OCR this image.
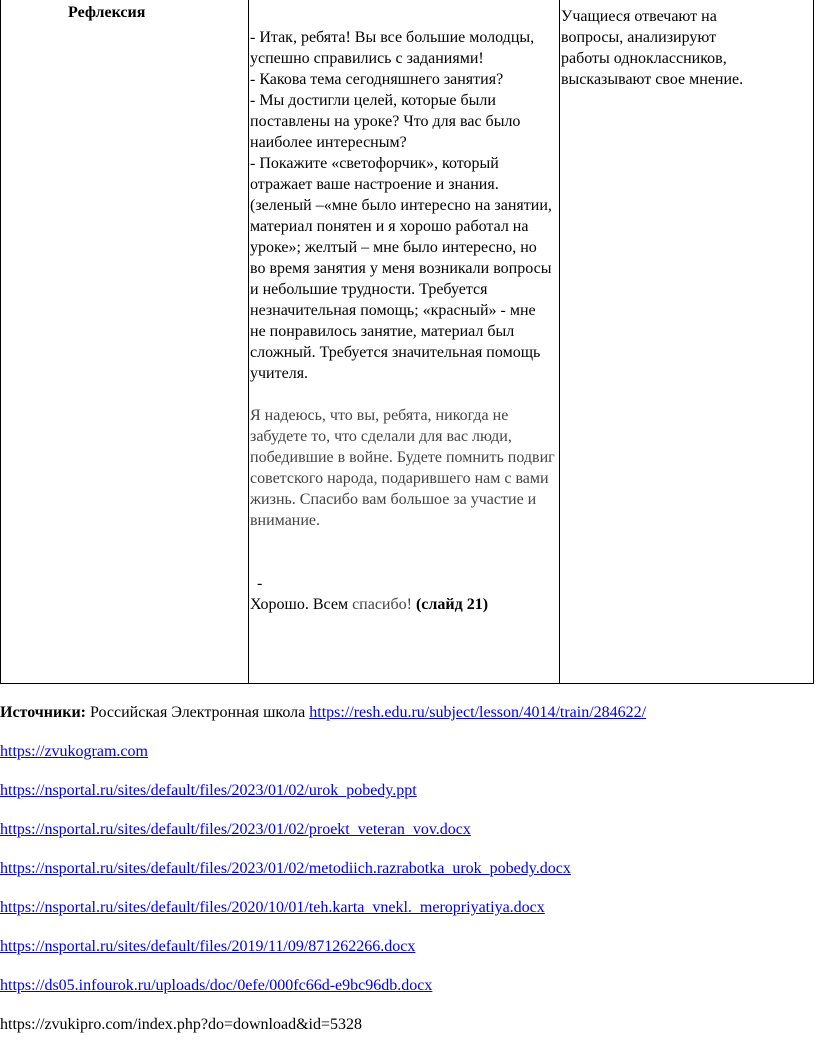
Рефлексия

- Итак, ребята! Вы все большие молодцы, успешно справились с заданиями!

- Какова тема сегодняшнего занятия?

- Мы достигли целей, которые были поставлены на уроке? Что для вас было наиболее интересным?

- Покажите «светофорчик», который отражает ваше настроение и знания. (зеленый –«мне было интересно на занятии, материал понятен и я хорошо работал на уроке»; желтый – мне было интересно, но во время занятия у меня возникали вопросы и небольшие трудности. Требуется незначительная помощь; «красный» - мне не понравилось занятие, материал был сложный. Требуется значительная помощь учителя.

Я надеюсь, что вы, ребята, никогда не забудете то, что сделали для вас люди, победившие в войне. Будете помнить подвиг советского народа, подарившего нам с вами жизнь. Спасибо вам большое за участие и внимание.

-

Хорошо. Всем спасибо! (слайд 21)

Учащиеся отвечают на вопросы, анализируют работы одноклассников, высказывают свое мнение.
Источники: Российская Электронная школа https://resh.edu.ru/subject/lesson/4014/train/284622/
https://zvukogram.com
https://nsportal.ru/sites/default/files/2023/01/02/urok_pobedy.ppt
https://nsportal.ru/sites/default/files/2023/01/02/proekt_veteran_vov.docx
https://nsportal.ru/sites/default/files/2023/01/02/metodiich.razrabotka_urok_pobedy.docx
https://nsportal.ru/sites/default/files/2020/10/01/teh.karta_vnekl._meropriyatiya.docx
https://nsportal.ru/sites/default/files/2019/11/09/871262266.docx
https://ds05.infourok.ru/uploads/doc/0efe/000fc66d-e9bc96db.docx
https://zvukipro.com/index.php?do=download&id=5328
